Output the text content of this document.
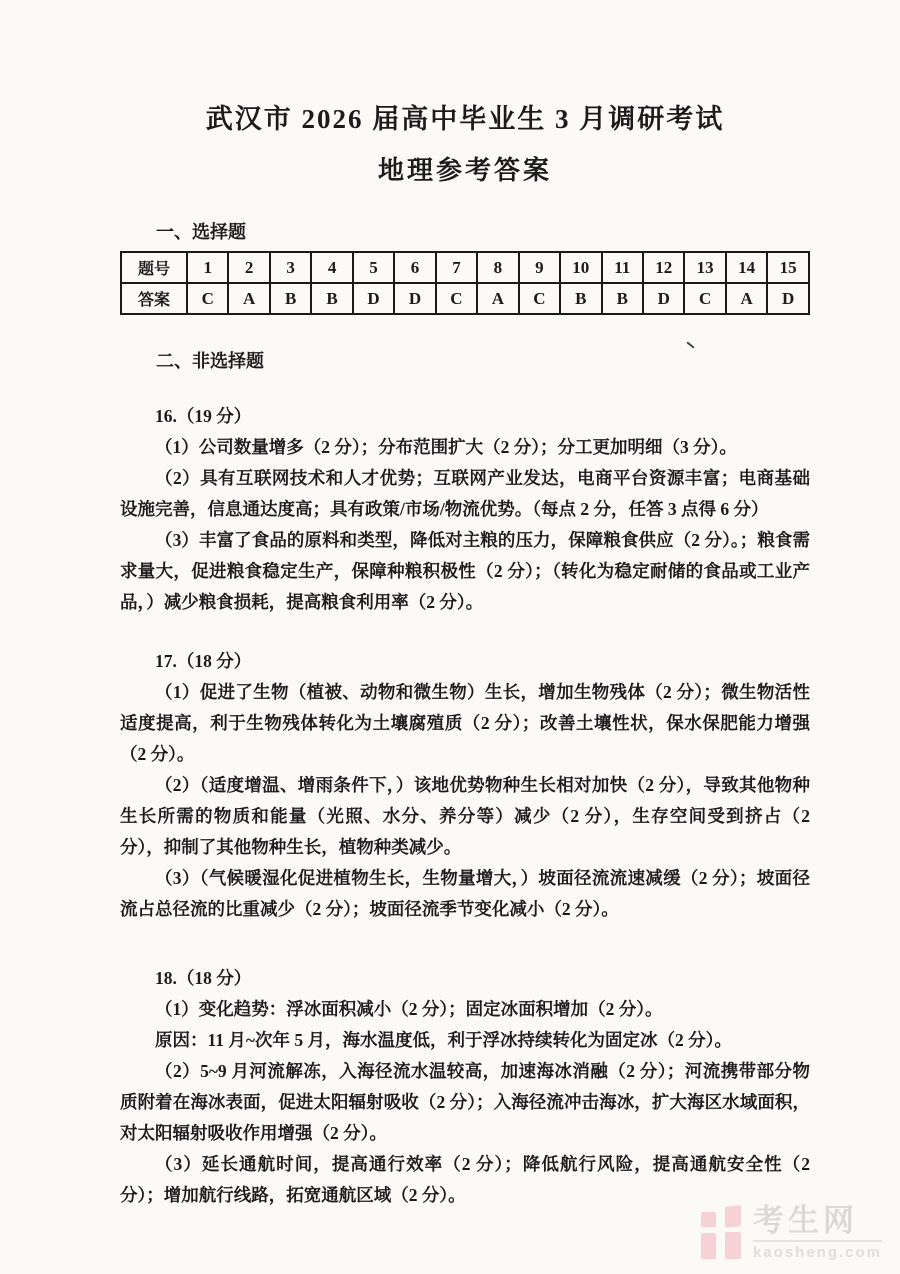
武汉市 2026 届高中毕业生 3 月调研考试
地理参考答案
一、选择题
题号	1	2	3	4	5	6	7	8	9	10	11	12	13	14	15
答案	C	A	B	B	D	D	C	A	C	B	B	D	C	A	D
二、非选择题

16.（19 分）

（1）公司数量增多（2 分）；分布范围扩大（2 分）；分工更加明细（3 分）。

（2）具有互联网技术和人才优势；互联网产业发达，电商平台资源丰富；电商基础设施完善，信息通达度高；具有政策/市场/物流优势。（每点 2 分，任答 3 点得 6 分）

（3）丰富了食品的原料和类型，降低对主粮的压力，保障粮食供应（2 分）。；粮食需求量大，促进粮食稳定生产，保障种粮积极性（2 分）；（转化为稳定耐储的食品或工业产品，）减少粮食损耗，提高粮食利用率（2 分）。

17.（18 分）

（1）促进了生物（植被、动物和微生物）生长，增加生物残体（2 分）；微生物活性适度提高，利于生物残体转化为土壤腐殖质（2 分）；改善土壤性状，保水保肥能力增强（2 分）。

（2）（适度增温、增雨条件下，）该地优势物种生长相对加快（2 分），导致其他物种生长所需的物质和能量（光照、水分、养分等）减少（2 分），生存空间受到挤占（2 分），抑制了其他物种生长，植物种类减少。

（3）（气候暖湿化促进植物生长，生物量增大，）坡面径流流速减缓（2 分）；坡面径流占总径流的比重减少（2 分）；坡面径流季节变化减小（2 分）。

18.（18 分）

（1）变化趋势：浮冰面积减小（2 分）；固定冰面积增加（2 分）。

原因：11 月~次年 5 月，海水温度低，利于浮冰持续转化为固定冰（2 分）。

（2）5~9 月河流解冻，入海径流水温较高，加速海冰消融（2 分）；河流携带部分物质附着在海冰表面，促进太阳辐射吸收（2 分）；入海径流冲击海冰，扩大海区水域面积，对太阳辐射吸收作用增强（2 分）。

（3）延长通航时间，提高通行效率（2 分）；降低航行风险，提高通航安全性（2 分）；增加航行线路，拓宽通航区域（2 分）。

考生网
kaosheng.com
